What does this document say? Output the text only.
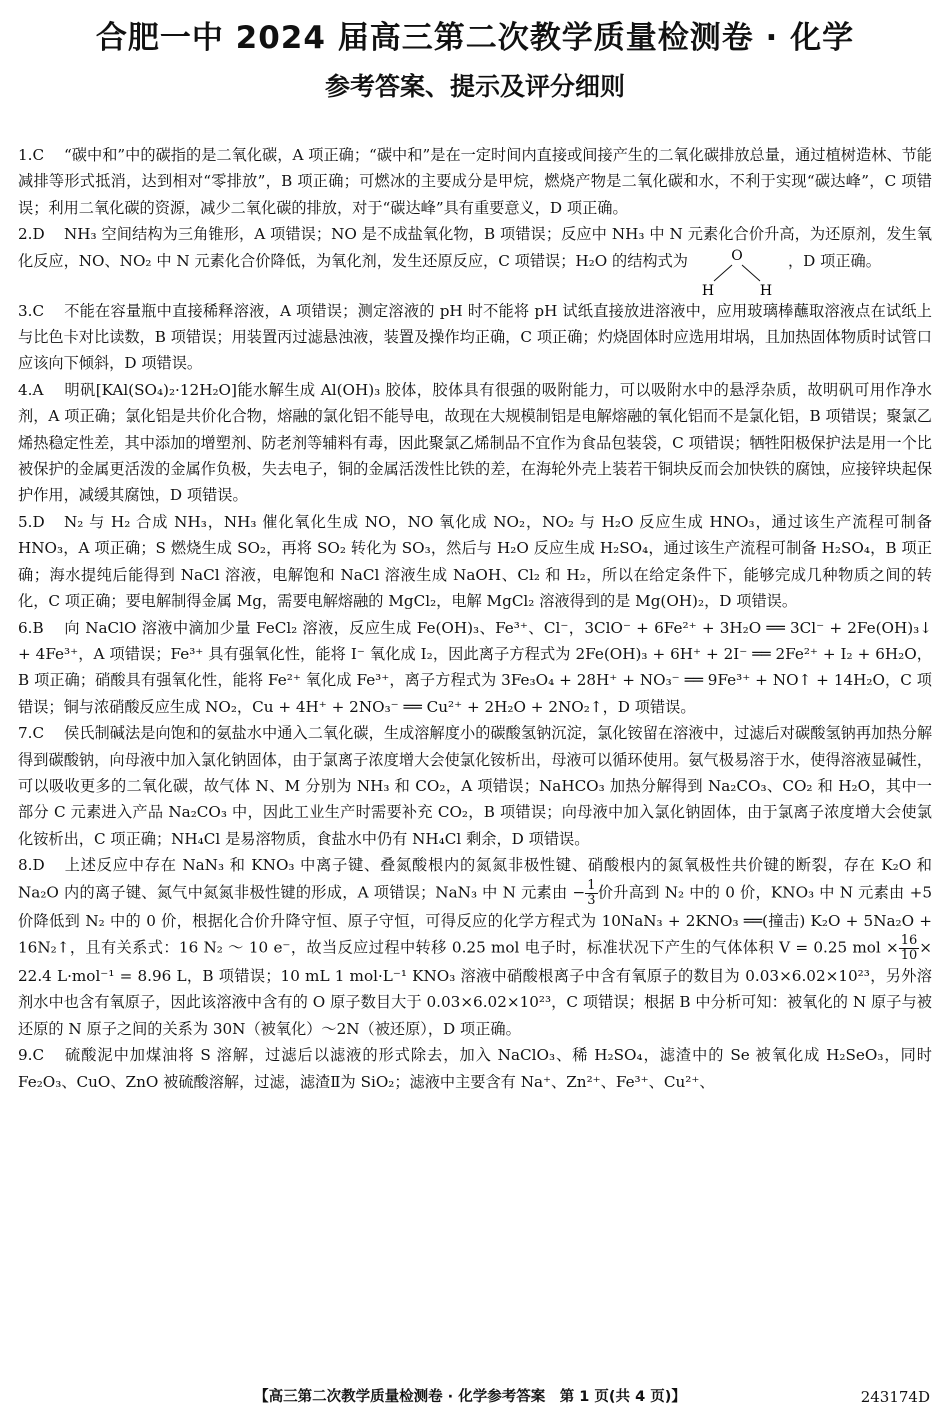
合肥一中 2024 届高三第二次教学质量检测卷 · 化学
参考答案、提示及评分细则

1.C “碳中和”中的碳指的是二氧化碳，A 项正确；“碳中和”是在一定时间内直接或间接产生的二氧化碳排放总量，通过植树造林、节能减排等形式抵消，达到相对“零排放”，B 项正确；可燃冰的主要成分是甲烷，燃烧产物是二氧化碳和水，不利于实现“碳达峰”，C 项错误；利用二氧化碳的资源，减少二氧化碳的排放，对于“碳达峰”具有重要意义，D 项正确。

2.D NH₃ 空间结构为三角锥形，A 项错误；NO 是不成盐氧化物，B 项错误；反应中 NH₃ 中 N 元素化合价升高，为还原剂，发生氧化反应，NO、NO₂ 中 N 元素化合价降低，为氧化剂，发生还原反应，C 项错误；H₂O 的结构式为	O
H	H
，D 项正确。

3.C 不能在容量瓶中直接稀释溶液，A 项错误；测定溶液的 pH 时不能将 pH 试纸直接放进溶液中，应用玻璃棒蘸取溶液点在试纸上与比色卡对比读数，B 项错误；用装置丙过滤悬浊液，装置及操作均正确，C 项正确；灼烧固体时应选用坩埚，且加热固体物质时试管口应该向下倾斜，D 项错误。

4.A 明矾[KAl(SO₄)₂·12H₂O]能水解生成 Al(OH)₃ 胶体，胶体具有很强的吸附能力，可以吸附水中的悬浮杂质，故明矾可用作净水剂，A 项正确；氯化铝是共价化合物，熔融的氯化铝不能导电，故现在大规模制铝是电解熔融的氧化铝而不是氯化铝，B 项错误；聚氯乙烯热稳定性差，其中添加的增塑剂、防老剂等辅料有毒，因此聚氯乙烯制品不宜作为食品包装袋，C 项错误；牺牲阳极保护法是用一个比被保护的金属更活泼的金属作负极，失去电子，铜的金属活泼性比铁的差，在海轮外壳上装若干铜块反而会加快铁的腐蚀，应接锌块起保护作用，减缓其腐蚀，D 项错误。

5.D N₂ 与 H₂ 合成 NH₃，NH₃ 催化氧化生成 NO，NO 氧化成 NO₂，NO₂ 与 H₂O 反应生成 HNO₃，通过该生产流程可制备 HNO₃，A 项正确；S 燃烧生成 SO₂，再将 SO₂ 转化为 SO₃，然后与 H₂O 反应生成 H₂SO₄，通过该生产流程可制备 H₂SO₄，B 项正确；海水提纯后能得到 NaCl 溶液，电解饱和 NaCl 溶液生成 NaOH、Cl₂ 和 H₂，所以在给定条件下，能够完成几种物质之间的转化，C 项正确；要电解制得金属 Mg，需要电解熔融的 MgCl₂，电解 MgCl₂ 溶液得到的是 Mg(OH)₂，D 项错误。

6.B 向 NaClO 溶液中滴加少量 FeCl₂ 溶液，反应生成 Fe(OH)₃、Fe³⁺、Cl⁻，3ClO⁻ + 6Fe²⁺ + 3H₂O ══ 3Cl⁻ + 2Fe(OH)₃↓ + 4Fe³⁺，A 项错误；Fe³⁺ 具有强氧化性，能将 I⁻ 氧化成 I₂，因此离子方程式为 2Fe(OH)₃ + 6H⁺ + 2I⁻ ══ 2Fe²⁺ + I₂ + 6H₂O，B 项正确；硝酸具有强氧化性，能将 Fe²⁺ 氧化成 Fe³⁺，离子方程式为 3Fe₃O₄ + 28H⁺ + NO₃⁻ ══ 9Fe³⁺ + NO↑ + 14H₂O，C 项错误；铜与浓硝酸反应生成 NO₂，Cu + 4H⁺ + 2NO₃⁻ ══ Cu²⁺ + 2H₂O + 2NO₂↑，D 项错误。

7.C 侯氏制碱法是向饱和的氨盐水中通入二氧化碳，生成溶解度小的碳酸氢钠沉淀，氯化铵留在溶液中，过滤后对碳酸氢钠再加热分解得到碳酸钠，向母液中加入氯化钠固体，由于氯离子浓度增大会使氯化铵析出，母液可以循环使用。氨气极易溶于水，使得溶液显碱性，可以吸收更多的二氧化碳，故气体 N、M 分别为 NH₃ 和 CO₂，A 项错误；NaHCO₃ 加热分解得到 Na₂CO₃、CO₂ 和 H₂O，其中一部分 C 元素进入产品 Na₂CO₃ 中，因此工业生产时需要补充 CO₂，B 项错误；向母液中加入氯化钠固体，由于氯离子浓度增大会使氯化铵析出，C 项正确；NH₄Cl 是易溶物质，食盐水中仍有 NH₄Cl 剩余，D 项错误。

8.D 上述反应中存在 NaN₃ 和 KNO₃ 中离子键、叠氮酸根内的氮氮非极性键、硝酸根内的氮氧极性共价键的断裂，存在 K₂O 和 Na₂O 内的离子键、氮气中氮氮非极性键的形成，A 项错误；NaN₃ 中 N 元素由 − $\frac{1}{3}$ 价升高到 N₂ 中的 0 价，KNO₃ 中 N 元素由 +5 价降低到 N₂ 中的 0 价，根据化合价升降守恒、原子守恒，可得反应的化学方程式为 10NaN₃ + 2KNO₃ ══(撞击) K₂O + 5Na₂O + 16N₂↑，且有关系式：16 N₂ ～ 10 e⁻，故当反应过程中转移 0.25 mol 电子时，标准状况下产生的气体体积 V = 0.25 mol × $\frac{16}{10} \times 22.4$ L·mol⁻¹ = 8.96 L，B 项错误；10 mL 1 mol·L⁻¹ KNO₃ 溶液中硝酸根离子中含有氧原子的数目为 0.03×6.02×10²³，另外溶剂水中也含有氧原子，因此该溶液中含有的 O 原子数目大于 0.03×6.02×10²³，C 项错误；根据 B 中分析可知：被氧化的 N 原子与被还原的 N 原子之间的关系为 30N（被氧化）～2N（被还原），D 项正确。

9.C 硫酸泥中加煤油将 S 溶解，过滤后以滤液的形式除去，加入 NaClO₃、稀 H₂SO₄，滤渣中的 Se 被氧化成 H₂SeO₃，同时 Fe₂O₃、CuO、ZnO 被硫酸溶解，过滤，滤渣Ⅱ为 SiO₂；滤液中主要含有 Na⁺、Zn²⁺、Fe³⁺、Cu²⁺、

【高三第二次教学质量检测卷 · 化学参考答案　第 1 页(共 4 页)】	243174D
